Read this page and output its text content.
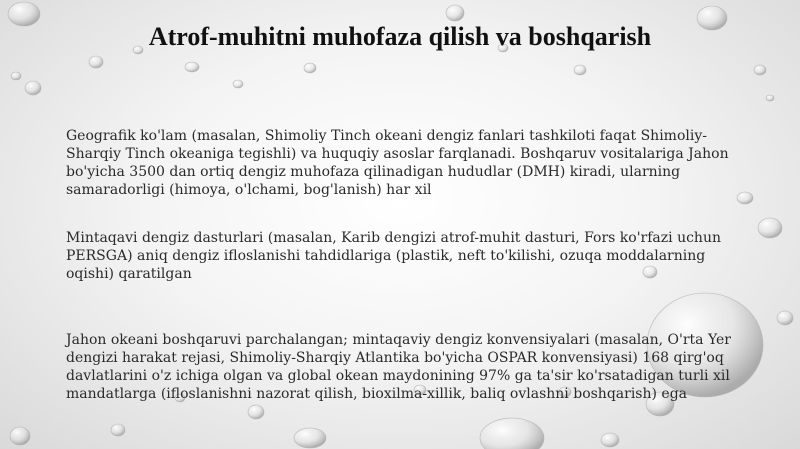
Atrof-muhitni muhofaza qilish va boshqarish

Geografik ko'lam (masalan, Shimoliy Tinch okeani dengiz fanlari tashkiloti faqat Shimoliy-Sharqiy Tinch okeaniga tegishli) va huquqiy asoslar farqlanadi. Boshqaruv vositalariga Jahon bo'yicha 3500 dan ortiq dengiz muhofaza qilinadigan hududlar (DMH) kiradi, ularning samaradorligi (himoya, o'lchami, bog'lanish) har xil

Mintaqavi dengiz dasturlari (masalan, Karib dengizi atrof-muhit dasturi, Fors ko'rfazi uchun PERSGA) aniq dengiz ifloslanishi tahdidlariga (plastik, neft to'kilishi, ozuqa moddalarning oqishi) qaratilgan

Jahon okeani boshqaruvi parchalangan; mintaqaviy dengiz konvensiyalari (masalan, O'rta Yer dengizi harakat rejasi, Shimoliy-Sharqiy Atlantika bo'yicha OSPAR konvensiyasi) 168 qirg'oq davlatlarini o'z ichiga olgan va global okean maydonining 97% ga ta'sir ko'rsatadigan turli xil mandatlarga (ifloslanishni nazorat qilish, bioxilma-xillik, baliq ovlashni boshqarish) ega
